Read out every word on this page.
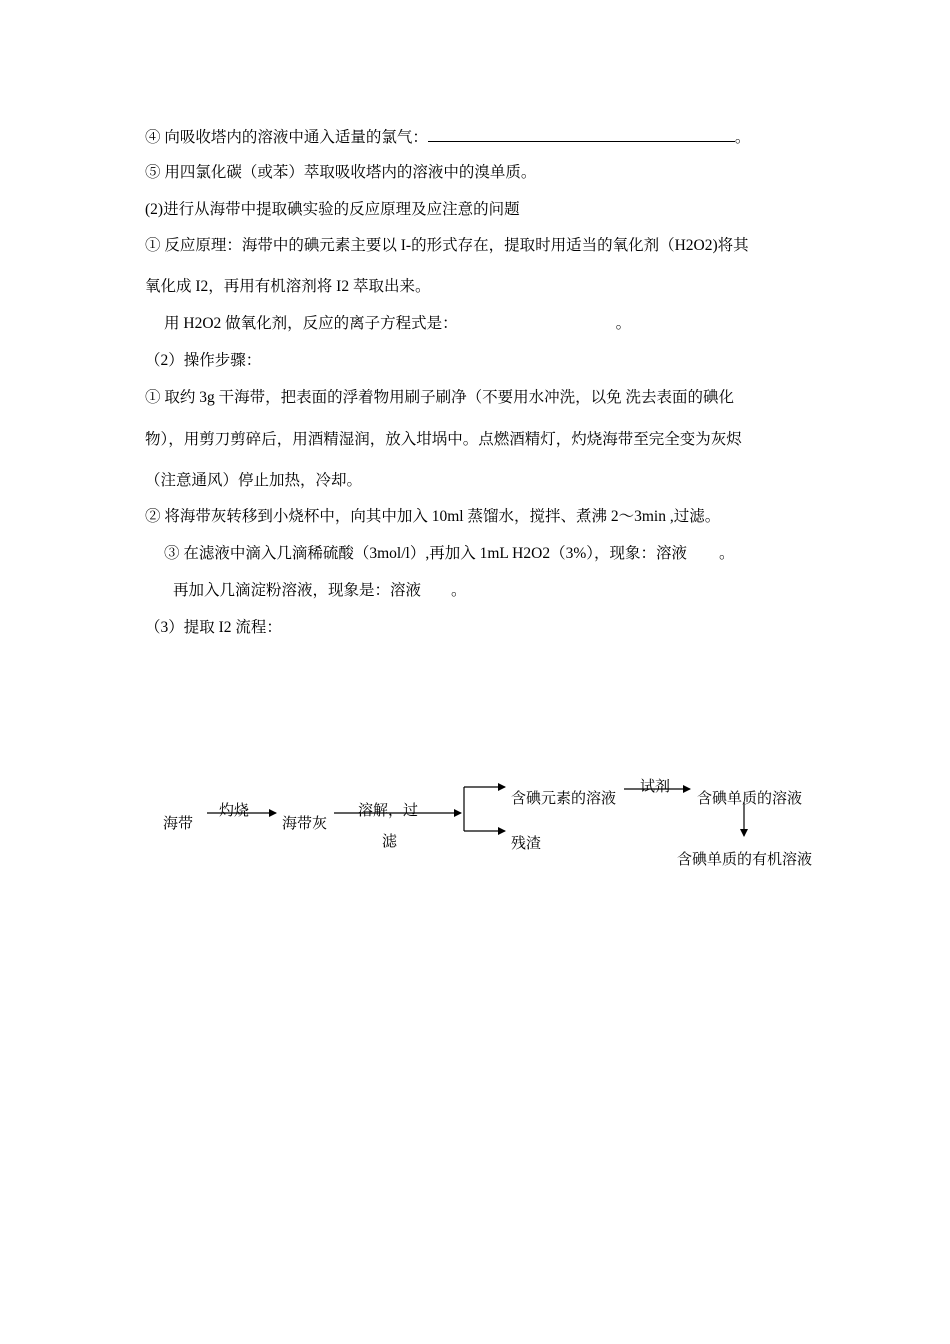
④ 向吸收塔内的溶液中通入适量的氯气：	。
⑤ 用四氯化碳（或苯）萃取吸收塔内的溶液中的溴单质。
(2)进行从海带中提取碘实验的反应原理及应注意的问题
① 反应原理：海带中的碘元素主要以 I-的形式存在，提取时用适当的氧化剂（H2O2)将其
氧化成 I2，再用有机溶剂将 I2 萃取出来。
用 H2O2 做氧化剂，反应的离子方程式是：	。
（2）操作步骤：
① 取约 3g 干海带，把表面的浮着物用刷子刷净（不要用水冲洗，以免 洗去表面的碘化
物），用剪刀剪碎后，用酒精湿润，放入坩埚中。点燃酒精灯，灼烧海带至完全变为灰烬
（注意通风）停止加热，冷却。
② 将海带灰转移到小烧杯中，向其中加入 10ml 蒸馏水，搅拌、煮沸 2～3min ,过滤。
③ 在滤液中滴入几滴稀硫酸（3mol/l）,再加入 1mL H2O2（3%），现象：溶液 。
再加入几滴淀粉溶液，现象是：溶液 。
（3）提取 I2 流程：
海带
灼烧
海带灰
溶解，过
滤
含碘元素的溶液
残渣
试剂
含碘单质的溶液
含碘单质的有机溶液
